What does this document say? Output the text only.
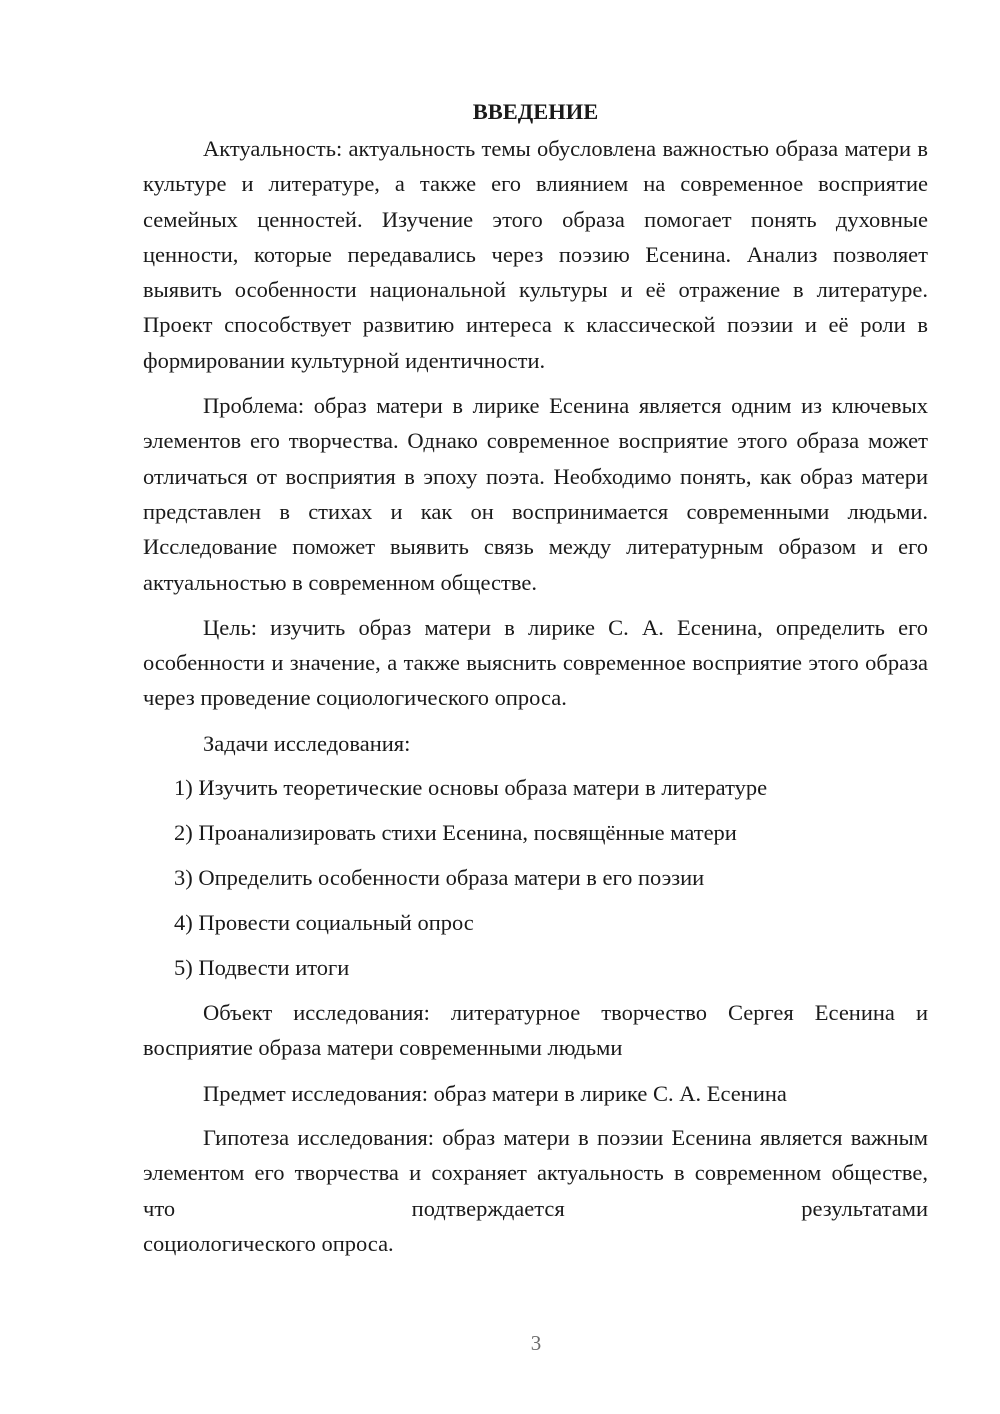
ВВЕДЕНИЕ

Актуальность: актуальность темы обусловлена важностью образа матери в культуре и литературе, а также его влиянием на современное восприятие семейных ценностей. Изучение этого образа помогает понять духовные ценности, которые передавались через поэзию Есенина. Анализ позволяет выявить особенности национальной культуры и её отражение в литературе. Проект способствует развитию интереса к классической поэзии и её роли в формировании культурной идентичности.

Проблема: образ матери в лирике Есенина является одним из ключевых элементов его творчества. Однако современное восприятие этого образа может отличаться от восприятия в эпоху поэта. Необходимо понять, как образ матери представлен в стихах и как он воспринимается современными людьми. Исследование поможет выявить связь между литературным образом и его актуальностью в современном обществе.

Цель: изучить образ матери в лирике С. А. Есенина, определить его особенности и значение, а также выяснить современное восприятие этого образа через проведение социологического опроса.

Задачи исследования:

1) Изучить теоретические основы образа матери в литературе
2) Проанализировать стихи Есенина, посвящённые матери
3) Определить особенности образа матери в его поэзии
4) Провести социальный опрос
5) Подвести итоги

Объект исследования: литературное творчество Сергея Есенина и восприятие образа матери современными людьми

Предмет исследования: образ матери в лирике С. А. Есенина

Гипотеза исследования: образ матери в поэзии Есенина является важным элементом его творчества и сохраняет актуальность в современном обществе, что подтверждается результатами

социологического опроса.

3
